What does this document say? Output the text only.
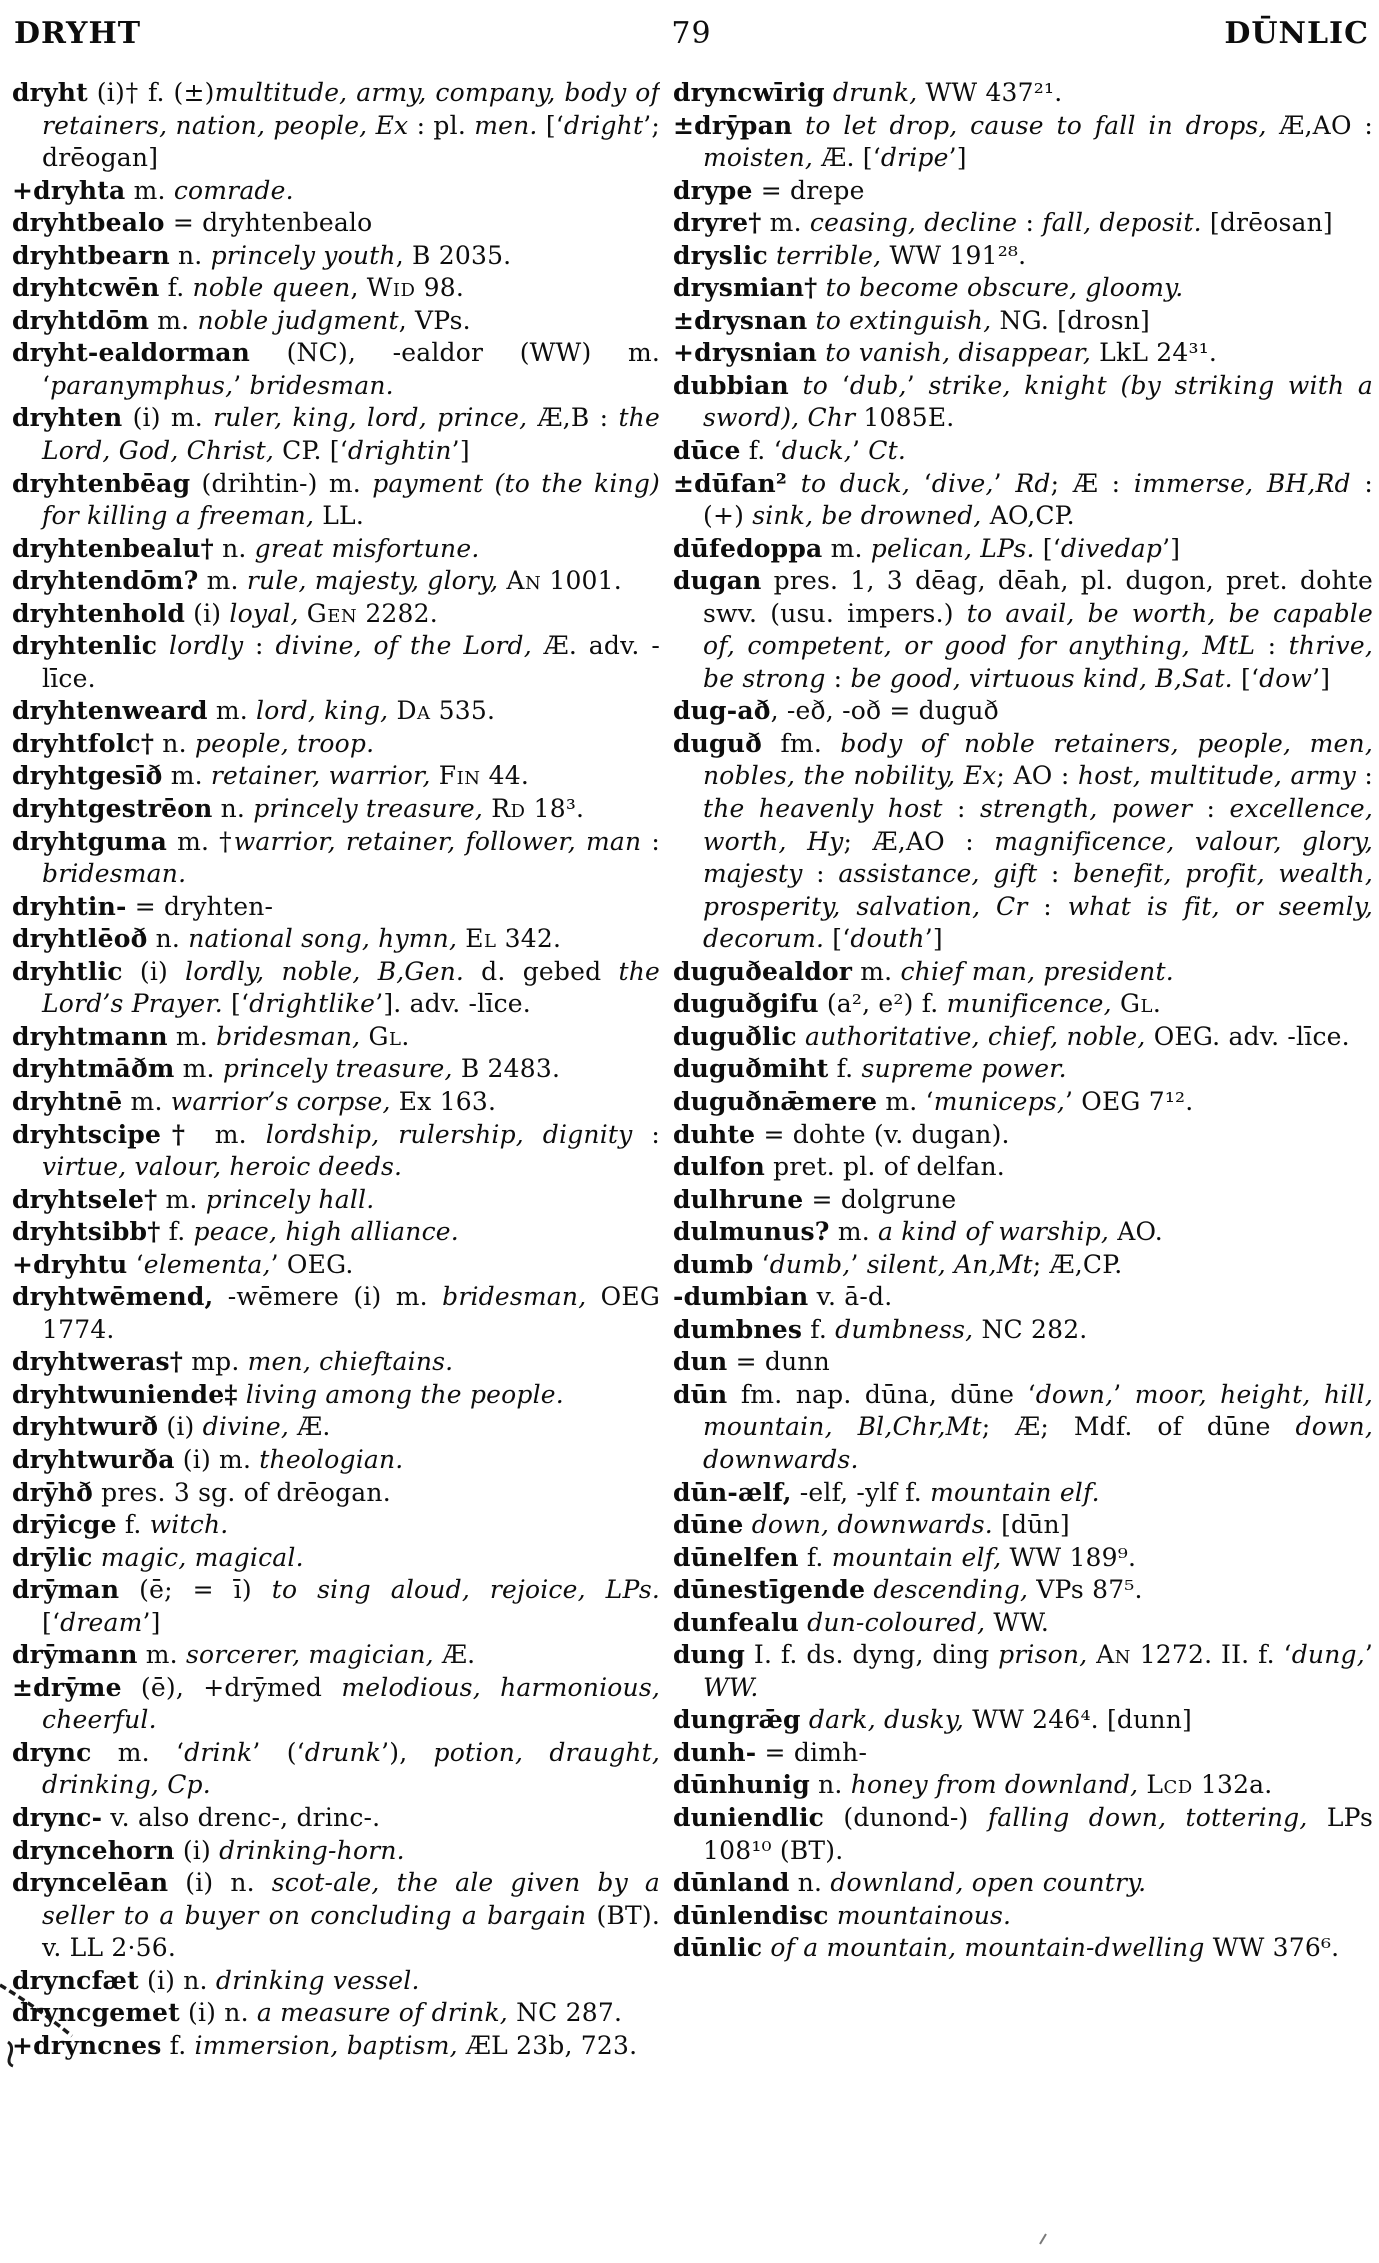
DRYHT	79	DŪNLIC

dryht (i)† f. (±)multitude, army, company, body of retainers, nation, people, Ex : pl. men. [‘dright’; drēogan]

+dryhta m. comrade.

dryhtbealo = dryhtenbealo

dryhtbearn n. princely youth, B 2035.

dryhtcwēn f. noble queen, Wid 98.

dryhtdōm m. noble judgment, VPs.

dryht-ealdorman (NC), -ealdor (WW) m. ‘paranymphus,’ bridesman.

dryhten (i) m. ruler, king, lord, prince, Æ,B : the Lord, God, Christ, CP. [‘drightin’]

dryhtenbēag (drihtin-) m. payment (to the king) for killing a freeman, LL.

dryhtenbealu† n. great misfortune.

dryhtendōm? m. rule, majesty, glory, An 1001.

dryhtenhold (i) loyal, Gen 2282.

dryhtenlic lordly : divine, of the Lord, Æ. adv. -līce.

dryhtenweard m. lord, king, Da 535.

dryhtfolc† n. people, troop.

dryhtgesīð m. retainer, warrior, Fin 44.

dryhtgestrēon n. princely treasure, Rd 18³.

dryhtguma m. †warrior, retainer, follower, man : bridesman.

dryhtin- = dryhten-

dryhtlēoð n. national song, hymn, El 342.

dryhtlic (i) lordly, noble, B,Gen. d. gebed the Lord’s Prayer. [‘drightlike’]. adv. -līce.

dryhtmann m. bridesman, Gl.

dryhtmāðm m. princely treasure, B 2483.

dryhtnē m. warrior’s corpse, Ex 163.

dryhtscipe† m. lordship, rulership, dignity : virtue, valour, heroic deeds.

dryhtsele† m. princely hall.

dryhtsibb† f. peace, high alliance.

+dryhtu ‘elementa,’ OEG.

dryhtwēmend, -wēmere (i) m. bridesman, OEG 1774.

dryhtweras† mp. men, chieftains.

dryhtwuniende‡ living among the people.

dryhtwurð (i) divine, Æ.

dryhtwurða (i) m. theologian.

drȳhð pres. 3 sg. of drēogan.

drȳicge f. witch.

drȳlic magic, magical.

drȳman (ē; = ī) to sing aloud, rejoice, LPs. [‘dream’]

drȳmann m. sorcerer, magician, Æ.

±drȳme (ē), +drȳmed melodious, harmonious, cheerful.

drync m. ‘drink’ (‘drunk’), potion, draught, drinking, Cp.

drync- v. also drenc-, drinc-.

dryncehorn (i) drinking-horn.

dryncelēan (i) n. scot-ale, the ale given by a seller to a buyer on concluding a bargain (BT). v. LL 2·56.

dryncfæt (i) n. drinking vessel.

dryncgemet (i) n. a measure of drink, NC 287.

+dryncnes f. immersion, baptism, ÆL 23b, 723.

dryncwīrig drunk, WW 437²¹.

±drȳpan to let drop, cause to fall in drops, Æ,AO : moisten, Æ. [‘dripe’]

drype = drepe

dryre† m. ceasing, decline : fall, deposit. [drēosan]

dryslic terrible, WW 191²⁸.

drysmian† to become obscure, gloomy.

±drysnan to extinguish, NG. [drosn]

+drysnian to vanish, disappear, LkL 24³¹.

dubbian to ‘dub,’ strike, knight (by striking with a sword), Chr 1085E.

dūce f. ‘duck,’ Ct.

±dūfan² to duck, ‘dive,’ Rd; Æ : immerse, BH,Rd : (+) sink, be drowned, AO,CP.

dūfedoppa m. pelican, LPs. [‘divedap’]

dugan pres. 1, 3 dēag, dēah, pl. dugon, pret. dohte swv. (usu. impers.) to avail, be worth, be capable of, competent, or good for anything, MtL : thrive, be strong : be good, virtuous kind, B,Sat. [‘dow’]

dug-að, -eð, -oð = duguð

duguð fm. body of noble retainers, people, men, nobles, the nobility, Ex; AO : host, multitude, army : the heavenly host : strength, power : excellence, worth, Hy; Æ,AO : magnificence, valour, glory, majesty : assistance, gift : benefit, profit, wealth, prosperity, salvation, Cr : what is fit, or seemly, decorum. [‘douth’]

duguðealdor m. chief man, president.

duguðgifu (a², e²) f. munificence, Gl.

duguðlic authoritative, chief, noble, OEG. adv. -līce.

duguðmiht f. supreme power.

duguðnǣmere m. ‘municeps,’ OEG 7¹².

duhte = dohte (v. dugan).

dulfon pret. pl. of delfan.

dulhrune = dolgrune

dulmunus? m. a kind of warship, AO.

dumb ‘dumb,’ silent, An,Mt; Æ,CP.

-dumbian v. ā-d.

dumbnes f. dumbness, NC 282.

dun = dunn

dūn fm. nap. dūna, dūne ‘down,’ moor, height, hill, mountain, Bl,Chr,Mt; Æ; Mdf. of dūne down, downwards.

dūn-ælf, -elf, -ylf f. mountain elf.

dūne down, downwards. [dūn]

dūnelfen f. mountain elf, WW 189⁹.

dūnestīgende descending, VPs 87⁵.

dunfealu dun-coloured, WW.

dung I. f. ds. dyng, ding prison, An 1272. II. f. ‘dung,’ WW.

dungrǣg dark, dusky, WW 246⁴. [dunn]

dunh- = dimh-

dūnhunig n. honey from downland, Lcd 132a.

duniendlic (dunond-) falling down, tottering, LPs 108¹⁰ (BT).

dūnland n. downland, open country.

dūnlendisc mountainous.

dūnlic of a mountain, mountain-dwelling WW 376⁶.
